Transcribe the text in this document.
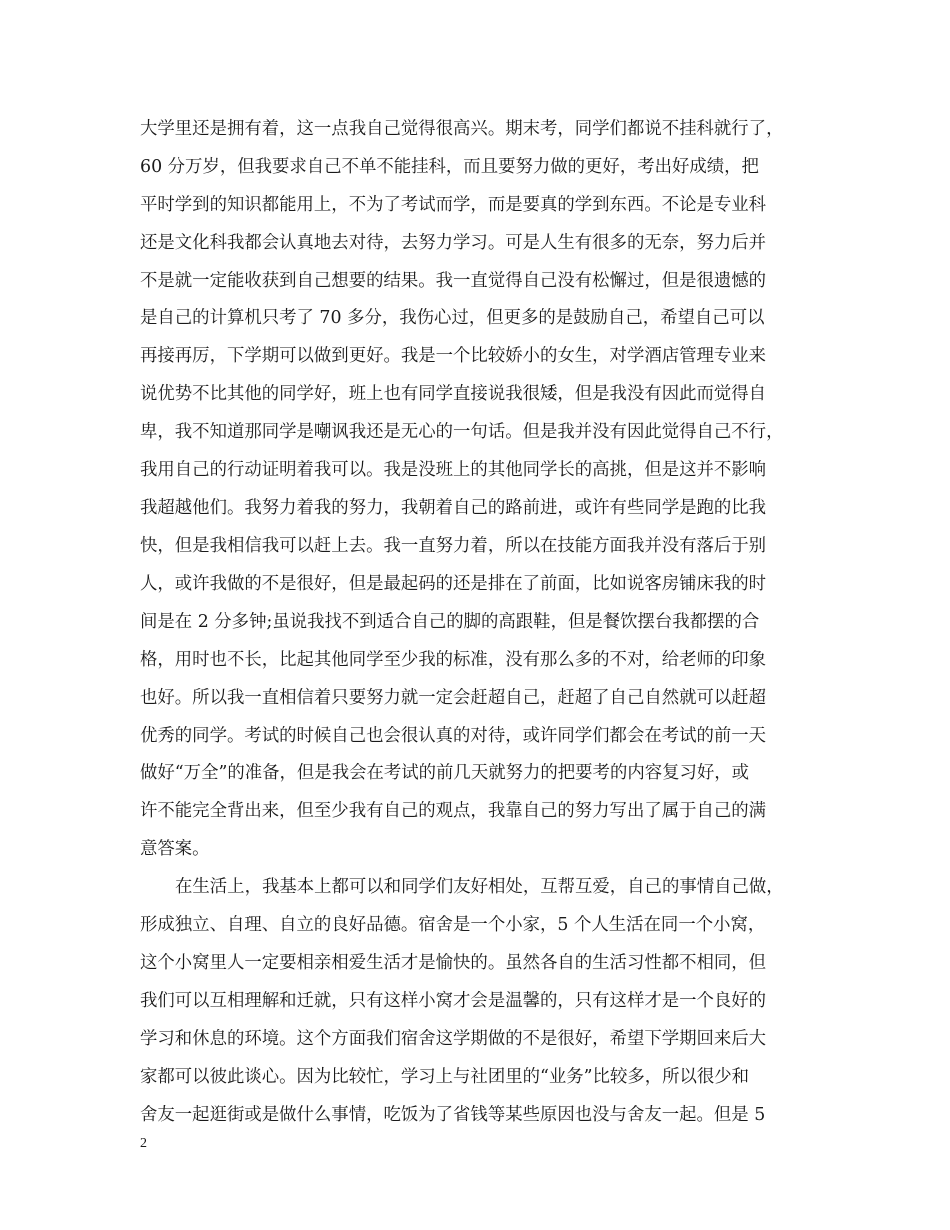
大学里还是拥有着，这一点我自己觉得很高兴。期末考，同学们都说不挂科就行了，

60 分万岁，但我要求自己不单不能挂科，而且要努力做的更好，考出好成绩，把

平时学到的知识都能用上，不为了考试而学，而是要真的学到东西。不论是专业科

还是文化科我都会认真地去对待，去努力学习。可是人生有很多的无奈，努力后并

不是就一定能收获到自己想要的结果。我一直觉得自己没有松懈过，但是很遗憾的

是自己的计算机只考了 70 多分，我伤心过，但更多的是鼓励自己，希望自己可以

再接再厉，下学期可以做到更好。我是一个比较娇小的女生，对学酒店管理专业来

说优势不比其他的同学好，班上也有同学直接说我很矮，但是我没有因此而觉得自

卑，我不知道那同学是嘲讽我还是无心的一句话。但是我并没有因此觉得自己不行，

我用自己的行动证明着我可以。我是没班上的其他同学长的高挑，但是这并不影响

我超越他们。我努力着我的努力，我朝着自己的路前进，或许有些同学是跑的比我

快，但是我相信我可以赶上去。我一直努力着，所以在技能方面我并没有落后于别

人，或许我做的不是很好，但是最起码的还是排在了前面，比如说客房铺床我的时

间是在 2 分多钟;虽说我找不到适合自己的脚的高跟鞋，但是餐饮摆台我都摆的合

格，用时也不长，比起其他同学至少我的标准，没有那么多的不对，给老师的印象

也好。所以我一直相信着只要努力就一定会赶超自己，赶超了自己自然就可以赶超

优秀的同学。考试的时候自己也会很认真的对待，或许同学们都会在考试的前一天

做好“万全”的准备，但是我会在考试的前几天就努力的把要考的内容复习好，或

许不能完全背出来，但至少我有自己的观点，我靠自己的努力写出了属于自己的满

意答案。

在生活上，我基本上都可以和同学们友好相处，互帮互爱，自己的事情自己做，

形成独立、自理、自立的良好品德。宿舍是一个小家，5 个人生活在同一个小窝，

这个小窝里人一定要相亲相爱生活才是愉快的。虽然各自的生活习性都不相同，但

我们可以互相理解和迁就，只有这样小窝才会是温馨的，只有这样才是一个良好的

学习和休息的环境。这个方面我们宿舍这学期做的不是很好，希望下学期回来后大

家都可以彼此谈心。因为比较忙，学习上与社团里的“业务”比较多，所以很少和

舍友一起逛街或是做什么事情，吃饭为了省钱等某些原因也没与舍友一起。但是 5

2
